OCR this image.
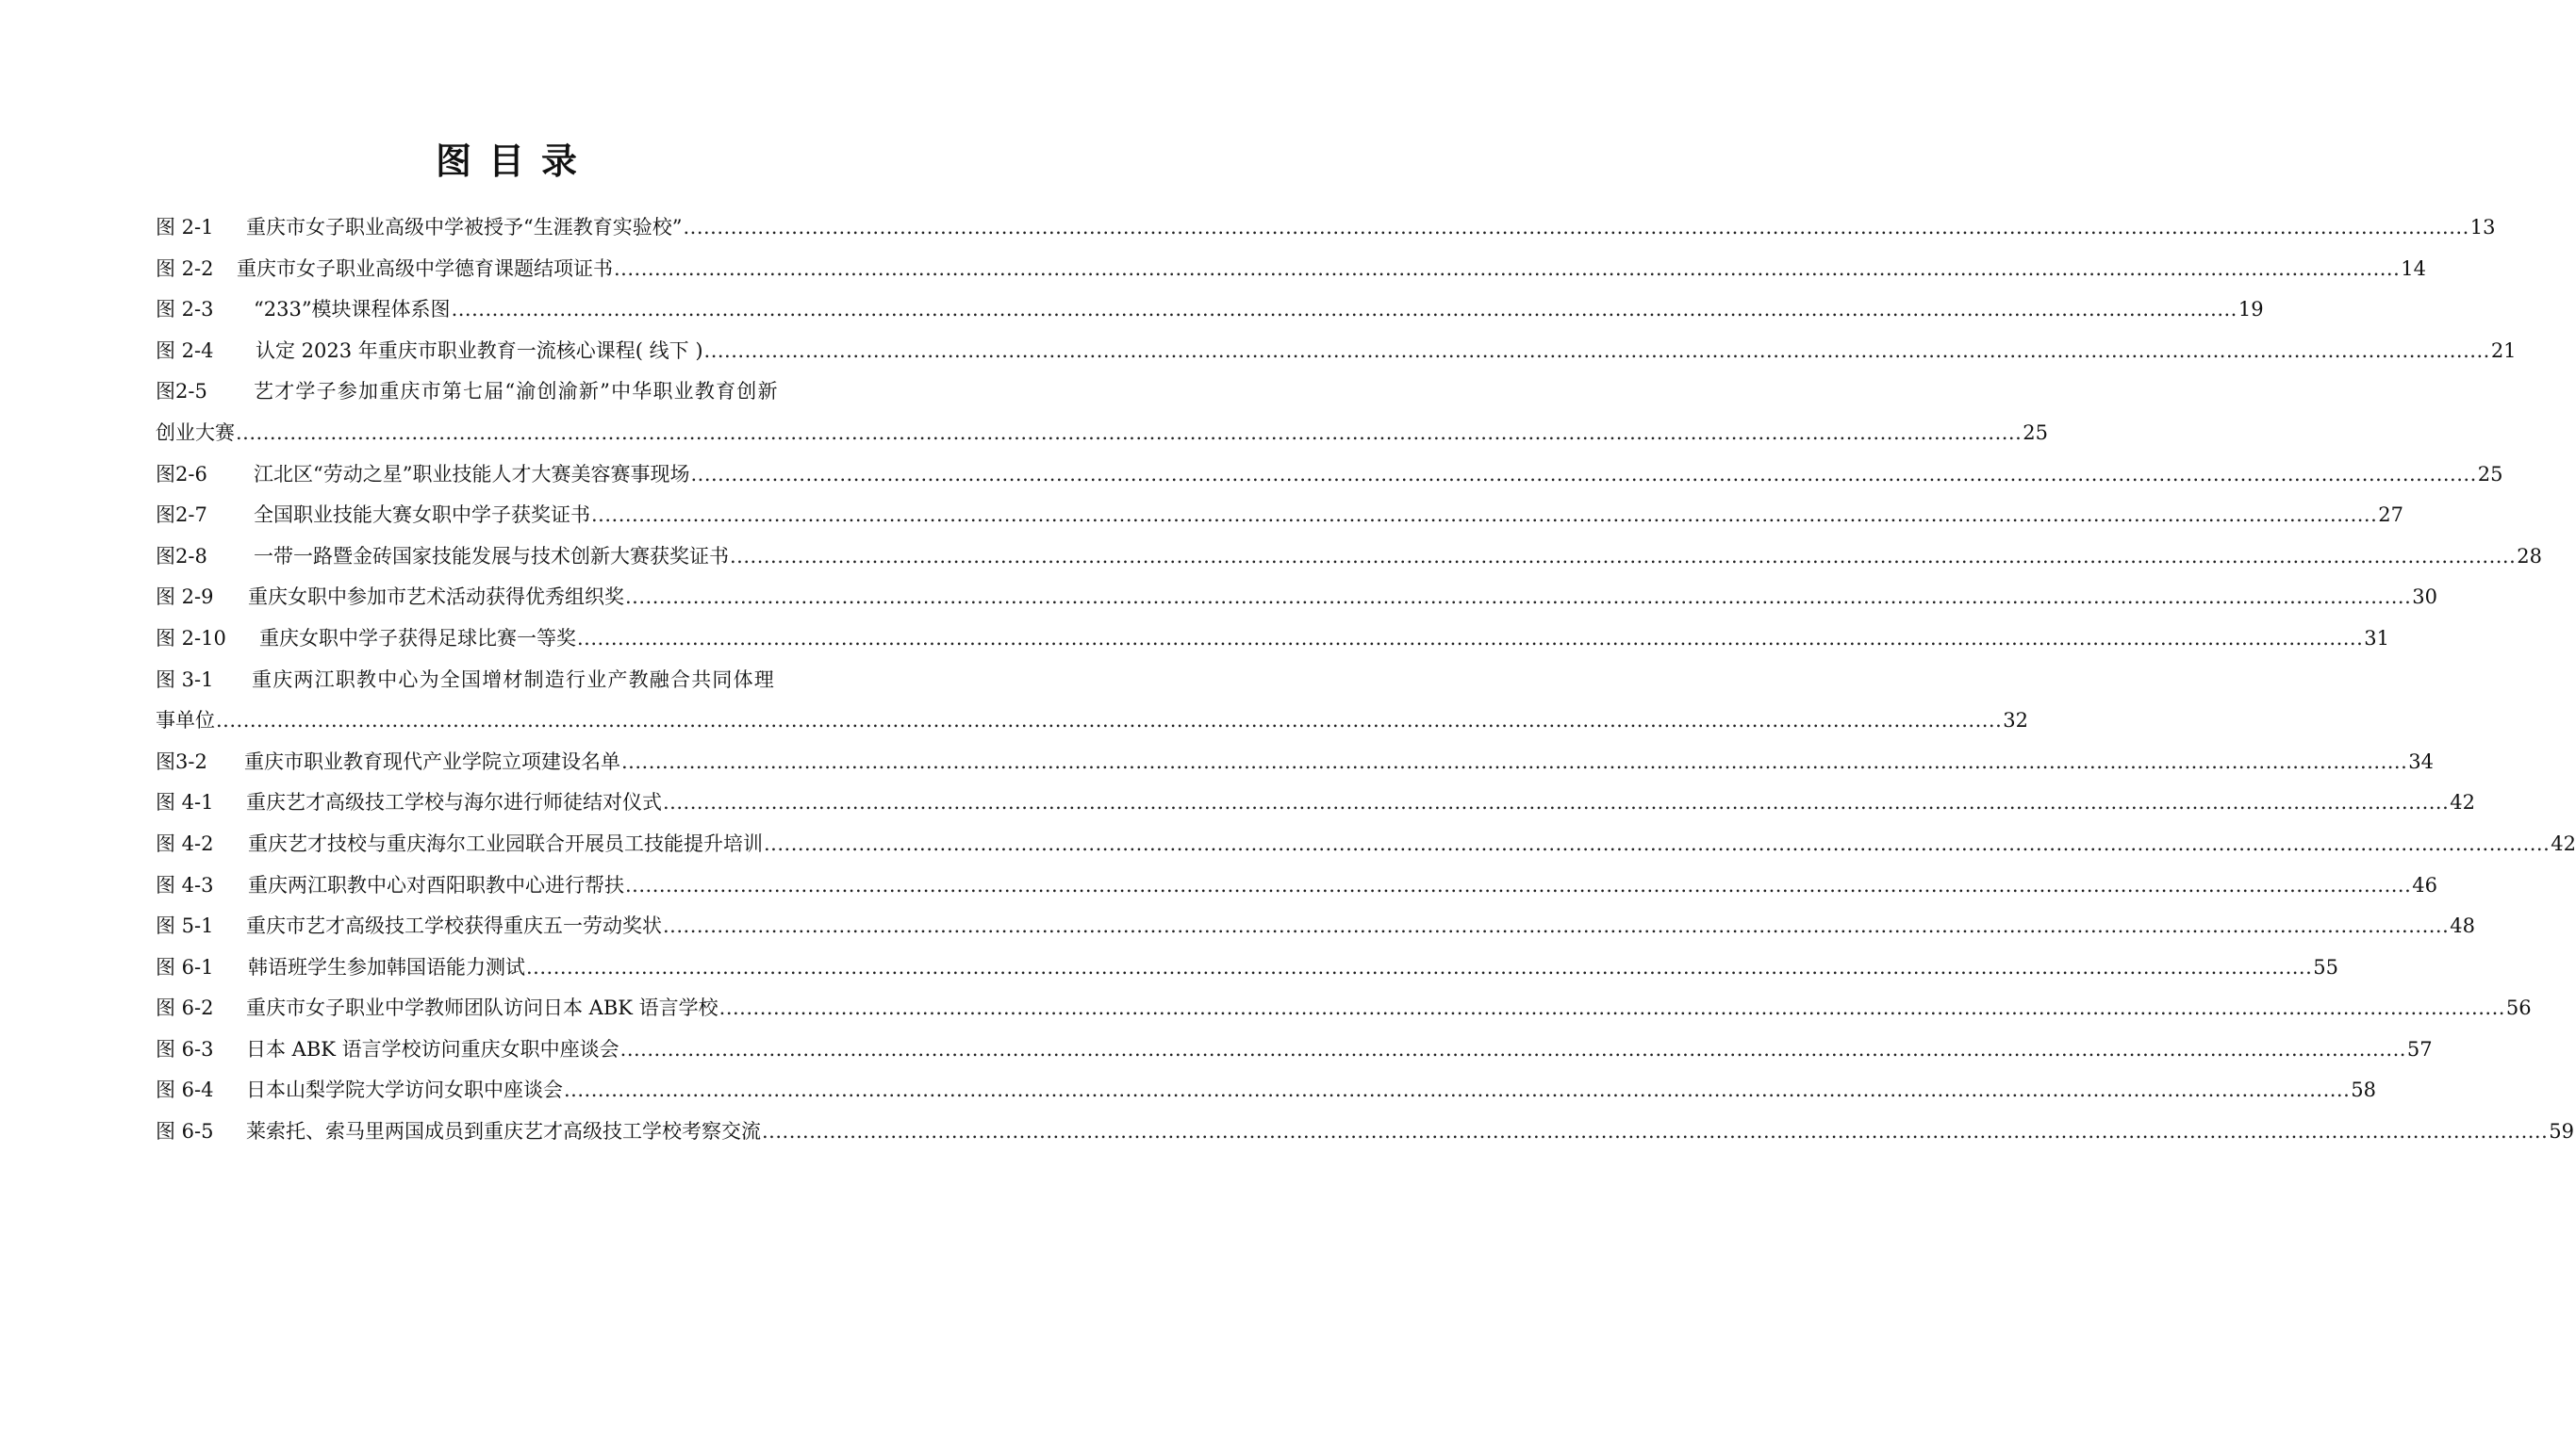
图目录
图 2-1	重庆市女子职业高级中学被授予“生涯教育实验校” .....	13
图 2-2	重庆市女子职业高级中学德育课题结项证书 .....	14
图 2-3	“233”模块课程体系图 .....	19
图 2-4	认定 2023 年重庆市职业教育一流核心课程( 线下 ) .....	21
图2-5	艺才学子参加重庆市第七届“渝创渝新”中华职业教育创新
创业大赛 .....	25
图2-6	江北区“劳动之星”职业技能人才大赛美容赛事现场 .....	25
图2-7	全国职业技能大赛女职中学子获奖证书 .....	27
图2-8	一带一路暨金砖国家技能发展与技术创新大赛获奖证书 .....	28
图 2-9	重庆女职中参加市艺术活动获得优秀组织奖 .....	30
图 2-10	重庆女职中学子获得足球比赛一等奖 .....	31
图 3-1	重庆两江职教中心为全国增材制造行业产教融合共同体理
事单位 .....	32
图3-2	重庆市职业教育现代产业学院立项建设名单 .....	34
图 4-1	重庆艺才高级技工学校与海尔进行师徒结对仪式 .....	42
图 4-2	重庆艺才技校与重庆海尔工业园联合开展员工技能提升培训 .....	42
图 4-3	重庆两江职教中心对酉阳职教中心进行帮扶 .....	46
图 5-1	重庆市艺才高级技工学校获得重庆五一劳动奖状 .....	48
图 6-1	韩语班学生参加韩国语能力测试 .....	55
图 6-2	重庆市女子职业中学教师团队访问日本 ABK 语言学校 .....	56
图 6-3	日本 ABK 语言学校访问重庆女职中座谈会 .....	57
图 6-4	日本山梨学院大学访问女职中座谈会 .....	58
图 6-5	莱索托、索马里两国成员到重庆艺才高级技工学校考察交流 .....	59
